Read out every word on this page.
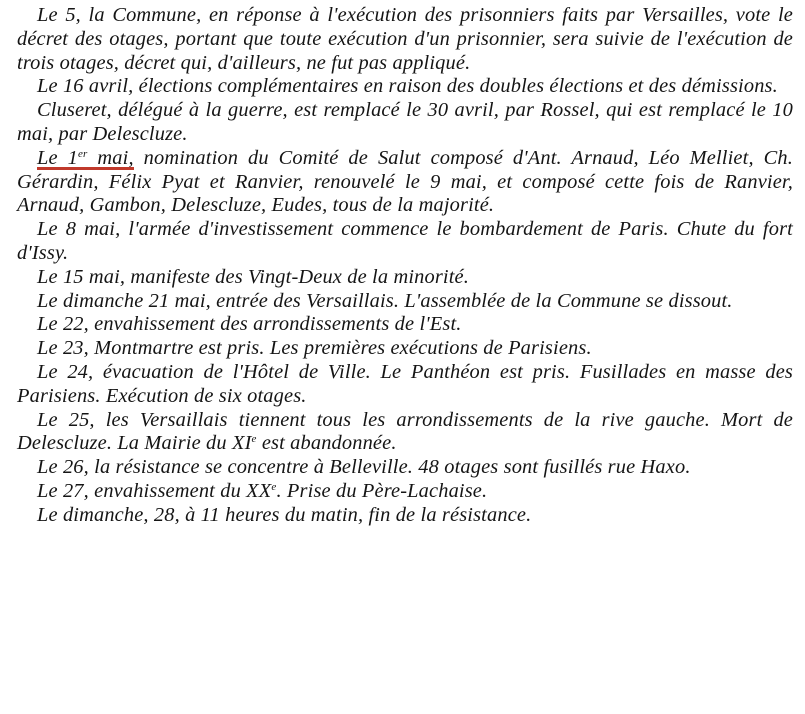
Le 5, la Commune, en réponse à l'exécution des prisonniers faits par Versailles, vote le décret des otages, portant que toute exécution d'un prisonnier, sera suivie de l'exécution de trois otages, décret qui, d'ailleurs, ne fut pas appliqué.

Le 16 avril, élections complémentaires en raison des doubles élections et des démissions.

Cluseret, délégué à la guerre, est remplacé le 30 avril, par Rossel, qui est remplacé le 10 mai, par Delescluze.

Le 1er mai, nomination du Comité de Salut composé d'Ant. Arnaud, Léo Melliet, Ch. Gérardin, Félix Pyat et Ranvier, renouvelé le 9 mai, et composé cette fois de Ranvier, Arnaud, Gambon, Delescluze, Eudes, tous de la majorité.

Le 8 mai, l'armée d'investissement commence le bombardement de Paris. Chute du fort d'Issy.

Le 15 mai, manifeste des Vingt-Deux de la minorité.

Le dimanche 21 mai, entrée des Versaillais. L'assemblée de la Commune se dissout.

Le 22, envahissement des arrondissements de l'Est.

Le 23, Montmartre est pris. Les premières exécutions de Parisiens.

Le 24, évacuation de l'Hôtel de Ville. Le Panthéon est pris. Fusillades en masse des Parisiens. Exécution de six otages.

Le 25, les Versaillais tiennent tous les arrondissements de la rive gauche. Mort de Delescluze. La Mairie du XIe est abandonnée.

Le 26, la résistance se concentre à Belleville. 48 otages sont fusillés rue Haxo.

Le 27, envahissement du XXe. Prise du Père-Lachaise.

Le dimanche, 28, à 11 heures du matin, fin de la résistance.
